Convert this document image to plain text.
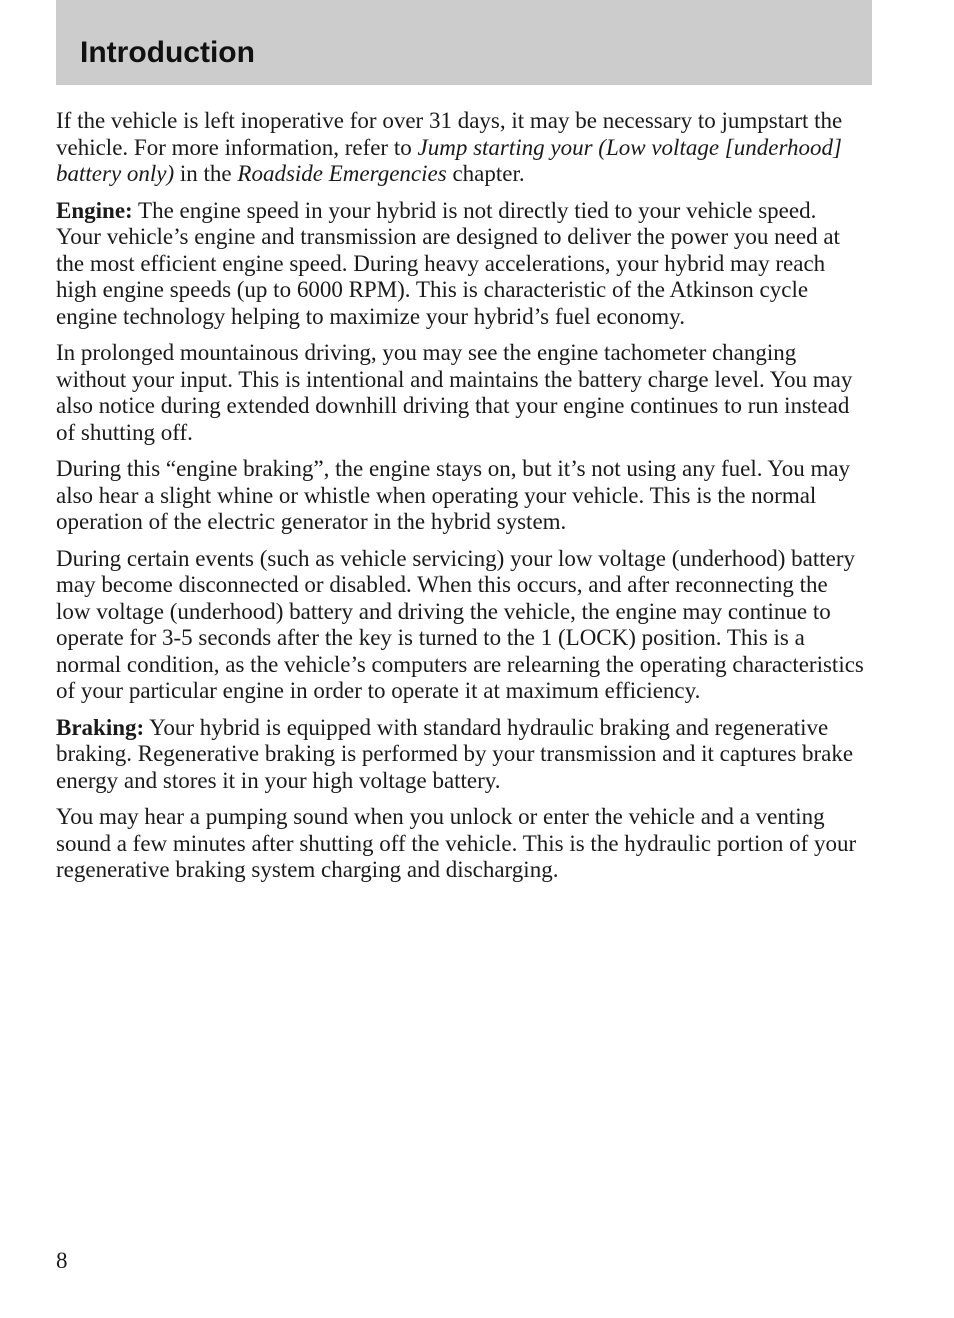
Introduction

If the vehicle is left inoperative for over 31 days, it may be necessary to jumpstart the vehicle. For more information, refer to Jump starting your (Low voltage [underhood] battery only) in the Roadside Emergencies chapter.

Engine: The engine speed in your hybrid is not directly tied to your vehicle speed. Your vehicle’s engine and transmission are designed to deliver the power you need at the most efficient engine speed. During heavy accelerations, your hybrid may reach high engine speeds (up to 6000 RPM). This is characteristic of the Atkinson cycle engine technology helping to maximize your hybrid’s fuel economy.

In prolonged mountainous driving, you may see the engine tachometer changing without your input. This is intentional and maintains the battery charge level. You may also notice during extended downhill driving that your engine continues to run instead of shutting off.

During this “engine braking”, the engine stays on, but it’s not using any fuel. You may also hear a slight whine or whistle when operating your vehicle. This is the normal operation of the electric generator in the hybrid system.

During certain events (such as vehicle servicing) your low voltage (underhood) battery may become disconnected or disabled. When this occurs, and after reconnecting the low voltage (underhood) battery and driving the vehicle, the engine may continue to operate for 3-5 seconds after the key is turned to the 1 (LOCK) position. This is a normal condition, as the vehicle’s computers are relearning the operating characteristics of your particular engine in order to operate it at maximum efficiency.

Braking: Your hybrid is equipped with standard hydraulic braking and regenerative braking. Regenerative braking is performed by your transmission and it captures brake energy and stores it in your high voltage battery.

You may hear a pumping sound when you unlock or enter the vehicle and a venting sound a few minutes after shutting off the vehicle. This is the hydraulic portion of your regenerative braking system charging and discharging.

8
